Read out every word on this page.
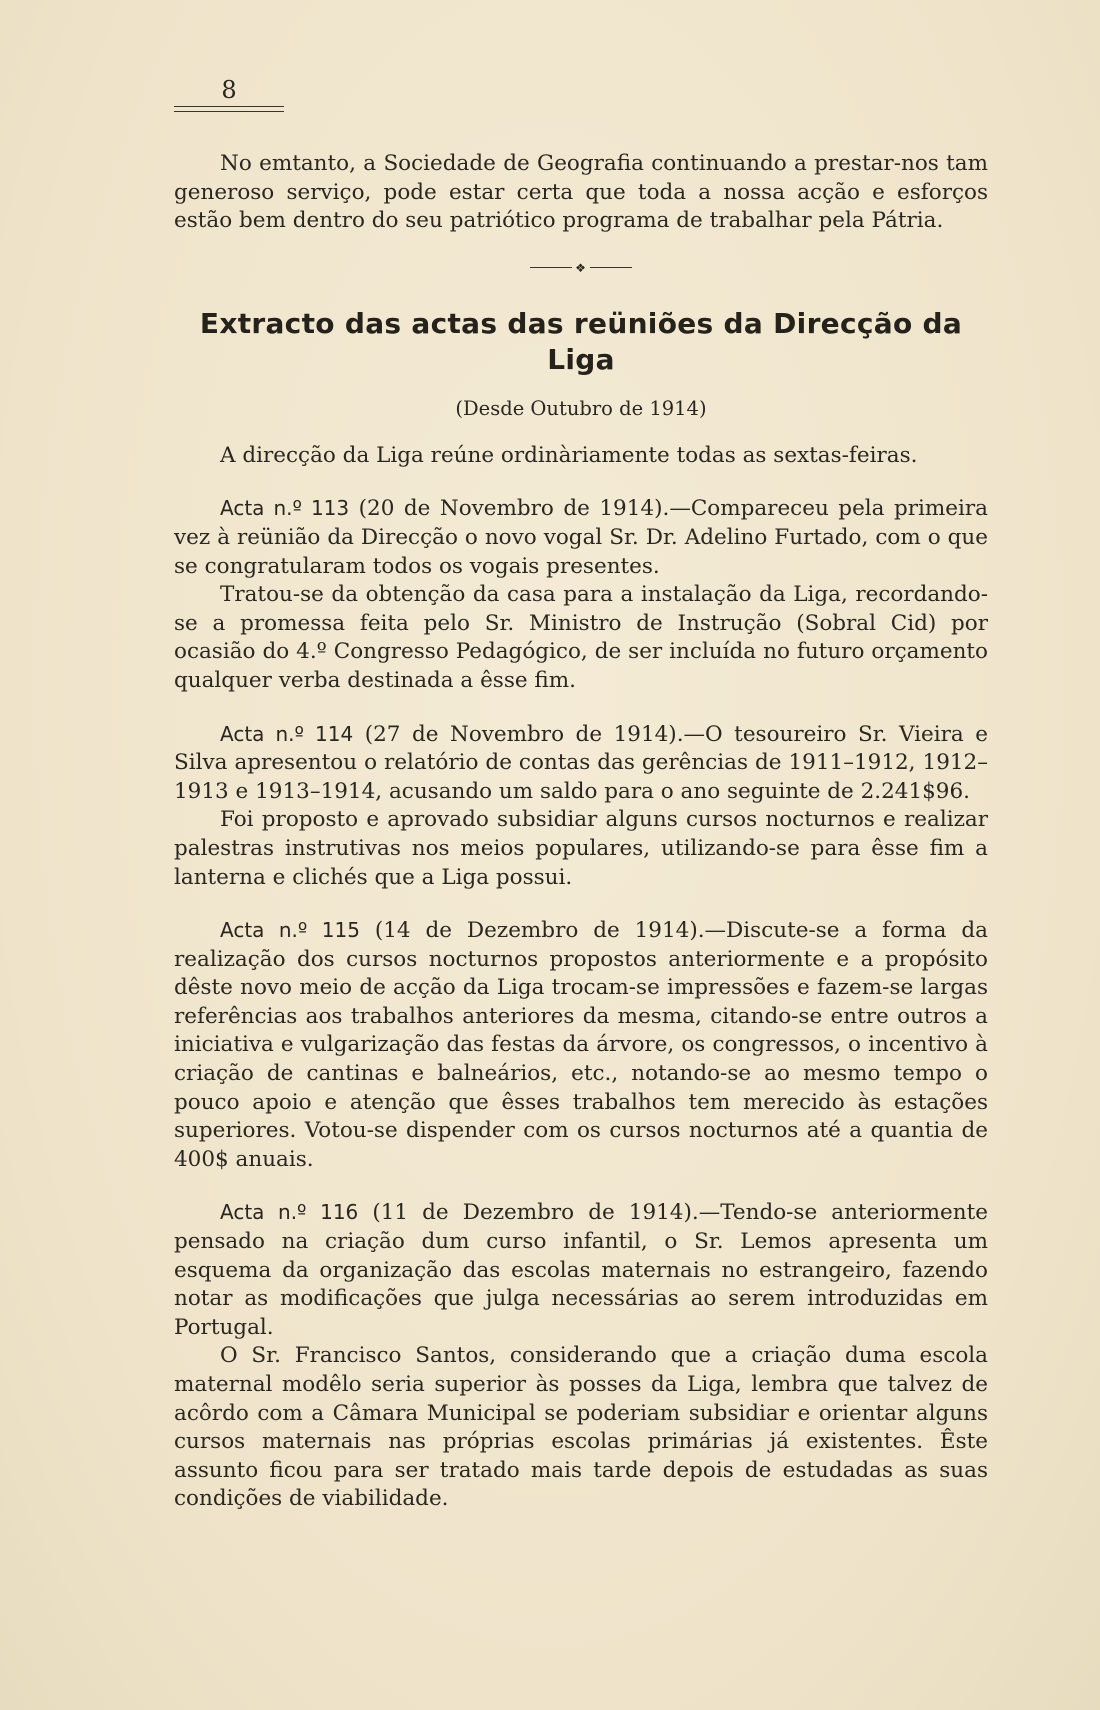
8

No emtanto, a Sociedade de Geografia continuando a prestar-nos tam generoso serviço, pode estar certa que toda a nossa acção e esforços estão bem dentro do seu patriótico programa de trabalhar pela Pátria.

❖
Extracto das actas das reüniões da Direcção da Liga
(Desde Outubro de 1914)

A direcção da Liga reúne ordinàriamente todas as sextas-feiras.

Acta n.º 113 (20 de Novembro de 1914).—Compareceu pela primeira vez à reünião da Direcção o novo vogal Sr. Dr. Adelino Furtado, com o que se congratularam todos os vogais presentes.

Tratou-se da obtenção da casa para a instalação da Liga, recordando-se a promessa feita pelo Sr. Ministro de Instrução (Sobral Cid) por ocasião do 4.º Congresso Pedagógico, de ser incluída no futuro orçamento qualquer verba destinada a êsse fim.

Acta n.º 114 (27 de Novembro de 1914).—O tesoureiro Sr. Vieira e Silva apresentou o relatório de contas das gerências de 1911–1912, 1912–1913 e 1913–1914, acusando um saldo para o ano seguinte de 2.241$96.

Foi proposto e aprovado subsidiar alguns cursos nocturnos e realizar palestras instrutivas nos meios populares, utilizando-se para êsse fim a lanterna e clichés que a Liga possui.

Acta n.º 115 (14 de Dezembro de 1914).—Discute-se a forma da realização dos cursos nocturnos propostos anteriormente e a propósito dêste novo meio de acção da Liga trocam-se impressões e fazem-se largas referências aos trabalhos anteriores da mesma, citando-se entre outros a iniciativa e vulgarização das festas da árvore, os congressos, o incentivo à criação de cantinas e balneários, etc., notando-se ao mesmo tempo o pouco apoio e atenção que êsses trabalhos tem merecido às estações superiores. Votou-se dispender com os cursos nocturnos até a quantia de 400$ anuais.

Acta n.º 116 (11 de Dezembro de 1914).—Tendo-se anteriormente pensado na criação dum curso infantil, o Sr. Lemos apresenta um esquema da organização das escolas maternais no estrangeiro, fazendo notar as modificações que julga necessárias ao serem introduzidas em Portugal.

O Sr. Francisco Santos, considerando que a criação duma escola maternal modêlo seria superior às posses da Liga, lembra que talvez de acôrdo com a Câmara Municipal se poderiam subsidiar e orientar alguns cursos maternais nas próprias escolas primárias já existentes. Êste assunto ficou para ser tratado mais tarde depois de estudadas as suas condições de viabilidade.
